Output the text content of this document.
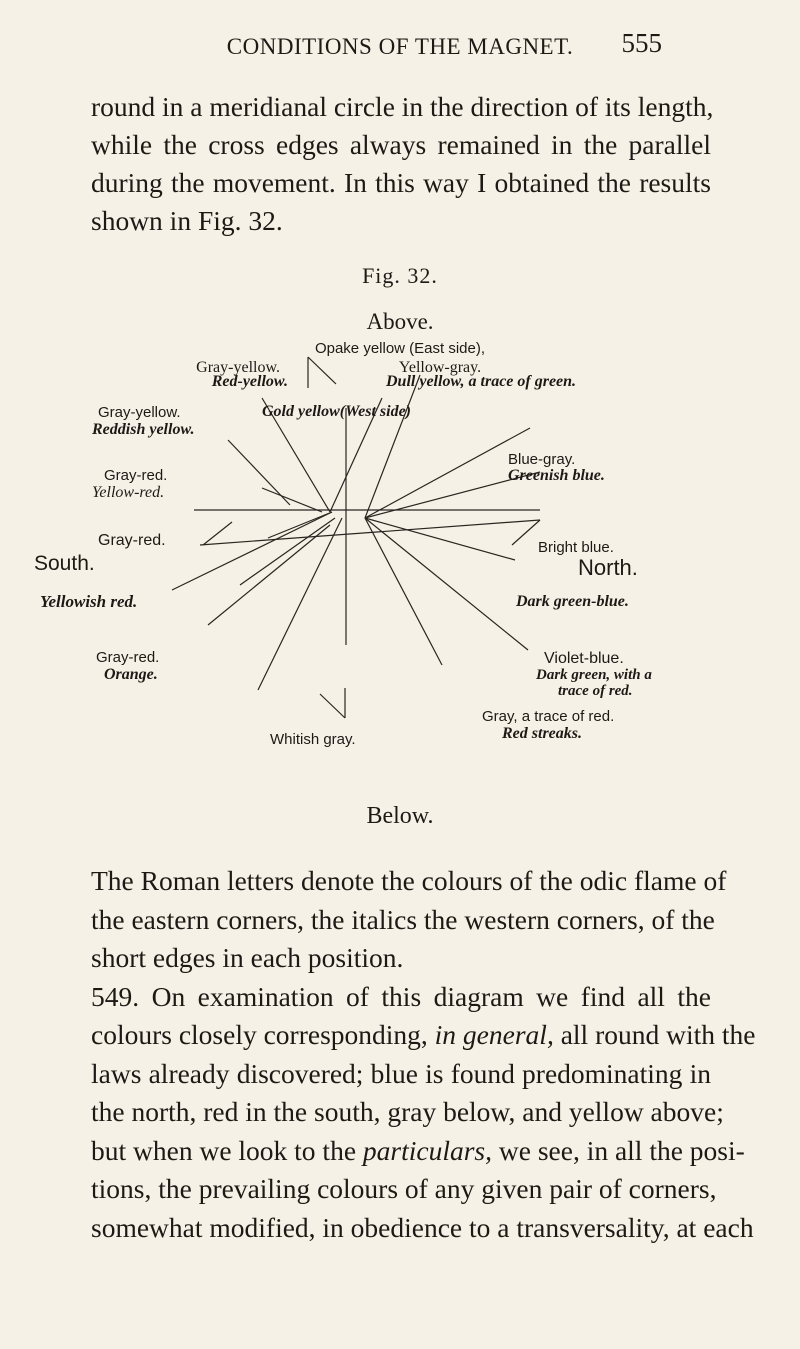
CONDITIONS OF THE MAGNET.	555
round in a meridianal circle in the direction of its length,
while the cross edges always remained in the parallel
during the movement. In this way I obtained the results
shown in Fig. 32.
Fig. 32.
Above.
Opake yellow (East side),
Gray-yellow.
Red-yellow.
Yellow-gray.
Dull yellow, a trace of green.
Gold yellow(West side)
Gray-yellow.
Reddish yellow.
Gray-red.
Yellow-red.
Gray-red.
South.
Yellowish red.
Gray-red.
Orange.
Blue-gray.
Greenish blue.
Bright blue.
North.
Dark green-blue.
Violet-blue.
Dark green, with a
trace of red.
Gray, a trace of red.
Red streaks.
Whitish gray.
Below.
The Roman letters denote the colours of the odic flame of
the eastern corners, the italics the western corners, of the
short edges in each position.
549. On examination of this diagram we find all the
colours closely corresponding, in general, all round with the
laws already discovered; blue is found predominating in
the north, red in the south, gray below, and yellow above;
but when we look to the particulars, we see, in all the posi-
tions, the prevailing colours of any given pair of corners,
somewhat modified, in obedience to a transversality, at each
